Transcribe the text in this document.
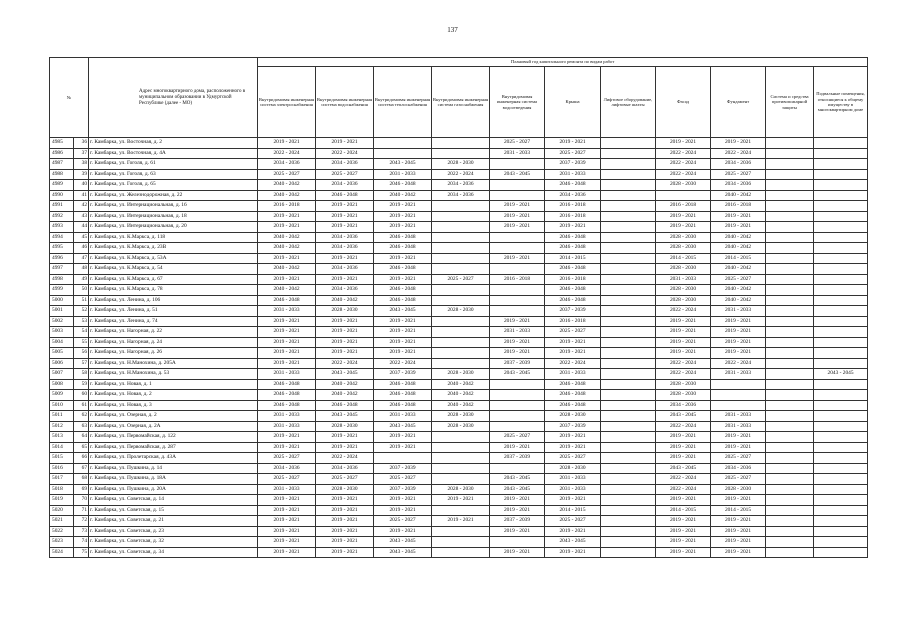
137
№		Адрес многоквартирного дома, расположенного в муниципальном образовании в Удмуртской Республике (далее - МО)	Плановый год капитального ремонта по видам работ										
			Внутридомовая инженерная система электроснабжения	Внутридомовая инженерная система водоснабжения	Внутридомовая инженерная система теплоснабжения	Внутридомовая инженерная система газоснабжения	Внутридомовая инженерная система водоотведения	Крыша	Лифтовое оборудование, лифтовые шахты	Фасад	Фундамент	Система и средства противопожарной защиты	Подвальные помещения, относящиеся к общему имуществу в многоквартирном доме
4985	36	г. Камбарка, ул. Восточная, д. 2	2019 - 2021	2019 - 2021			2025 - 2027	2019 - 2021		2019 - 2021	2019 - 2021		
4986	37	г. Камбарка, ул. Восточная, д. 4А	2022 - 2024	2022 - 2024			2031 - 2033	2025 - 2027		2022 - 2024	2022 - 2024		
4987	38	г. Камбарка, ул. Гоголя, д. 61	2034 - 2036	2034 - 2036	2043 - 2045	2028 - 2030		2037 - 2039		2022 - 2024	2034 - 2036		
4988	39	г. Камбарка, ул. Гоголя, д. 63	2025 - 2027	2025 - 2027	2031 - 2033	2022 - 2024	2043 - 2045	2031 - 2033		2022 - 2024	2025 - 2027		
4989	40	г. Камбарка, ул. Гоголя, д. 65	2040 - 2042	2034 - 2036	2046 - 2048	2034 - 2036		2046 - 2048		2028 - 2030	2034 - 2036		
4990	41	г. Камбарка, ул. Железнодорожная, д. 22	2040 - 2042	2046 - 2048	2040 - 2042	2034 - 2036		2034 - 2036			2040 - 2042		
4991	42	г. Камбарка, ул. Интернациональная, д. 16	2016 - 2018	2019 - 2021	2019 - 2021		2019 - 2021	2016 - 2018		2016 - 2018	2016 - 2018		
4992	43	г. Камбарка, ул. Интернациональная, д. 18	2019 - 2021	2019 - 2021	2019 - 2021		2019 - 2021	2016 - 2018		2019 - 2021	2019 - 2021		
4993	44	г. Камбарка, ул. Интернациональная, д. 20	2019 - 2021	2019 - 2021	2019 - 2021		2019 - 2021	2019 - 2021		2019 - 2021	2019 - 2021		
4994	45	г. Камбарка, ул. К.Маркса, д. 118	2040 - 2042	2034 - 2036	2046 - 2048			2046 - 2048		2028 - 2030	2040 - 2042		
4995	46	г. Камбарка, ул. К.Маркса, д. 23В	2040 - 2042	2034 - 2036	2046 - 2048			2046 - 2048		2028 - 2030	2040 - 2042		
4996	47	г. Камбарка, ул. К.Маркса, д. 53А	2019 - 2021	2019 - 2021	2019 - 2021		2019 - 2021	2014 - 2015		2014 - 2015	2014 - 2015		
4997	48	г. Камбарка, ул. К.Маркса, д. 54	2040 - 2042	2034 - 2036	2046 - 2048			2046 - 2048		2028 - 2030	2040 - 2042		
4998	49	г. Камбарка, ул. К.Маркса, д. 67	2019 - 2021	2019 - 2021	2019 - 2021	2025 - 2027	2016 - 2018	2016 - 2018		2031 - 2033	2025 - 2027		
4999	50	г. Камбарка, ул. К.Маркса, д. 78	2040 - 2042	2034 - 2036	2046 - 2048			2046 - 2048		2028 - 2030	2040 - 2042		
5000	51	г. Камбарка, ул. Ленина, д. 106	2046 - 2048	2040 - 2042	2046 - 2048			2046 - 2048		2028 - 2030	2040 - 2042		
5001	52	г. Камбарка, ул. Ленина, д. 51	2031 - 2033	2028 - 2030	2043 - 2045	2028 - 2030		2037 - 2039		2022 - 2024	2031 - 2033		
5002	53	г. Камбарка, ул. Ленина, д. 74	2019 - 2021	2019 - 2021	2019 - 2021		2019 - 2021	2016 - 2018		2019 - 2021	2019 - 2021		
5003	54	г. Камбарка, ул. Нагорная, д. 22	2019 - 2021	2019 - 2021	2019 - 2021		2031 - 2033	2025 - 2027		2019 - 2021	2019 - 2021		
5004	55	г. Камбарка, ул. Нагорная, д. 24	2019 - 2021	2019 - 2021	2019 - 2021		2019 - 2021	2019 - 2021		2019 - 2021	2019 - 2021		
5005	56	г. Камбарка, ул. Нагорная, д. 26	2019 - 2021	2019 - 2021	2019 - 2021		2019 - 2021	2019 - 2021		2019 - 2021	2019 - 2021		
5006	57	г. Камбарка, ул. Н.Манохина, д. 205А	2019 - 2021	2022 - 2024	2022 - 2024		2037 - 2039	2022 - 2024		2022 - 2024	2022 - 2024		
5007	58	г. Камбарка, ул. Н.Манохина, д. 53	2031 - 2033	2043 - 2045	2037 - 2039	2028 - 2030	2043 - 2045	2031 - 2033		2022 - 2024	2031 - 2033		2043 - 2045
5008	59	г. Камбарка, ул. Новая, д. 1	2046 - 2048	2040 - 2042	2046 - 2048	2040 - 2042		2046 - 2048		2028 - 2030			
5009	60	г. Камбарка, ул. Новая, д. 2	2046 - 2048	2040 - 2042	2046 - 2048	2040 - 2042		2046 - 2048		2028 - 2030			
5010	61	г. Камбарка, ул. Новая, д. 3	2046 - 2048	2046 - 2048	2046 - 2048	2040 - 2042		2046 - 2048		2034 - 2036			
5011	62	г. Камбарка, ул. Озерная, д. 2	2031 - 2033	2043 - 2045	2031 - 2033	2028 - 2030		2028 - 2030		2043 - 2045	2031 - 2033		
5012	63	г. Камбарка, ул. Озерная, д. 2А	2031 - 2033	2028 - 2030	2043 - 2045	2028 - 2030		2037 - 2039		2022 - 2024	2031 - 2033		
5013	64	г. Камбарка, ул. Первомайская, д. 122	2019 - 2021	2019 - 2021	2019 - 2021		2025 - 2027	2019 - 2021		2019 - 2021	2019 - 2021		
5014	65	г. Камбарка, ул. Первомайская, д. 287	2019 - 2021	2019 - 2021	2019 - 2021		2019 - 2021	2019 - 2021		2019 - 2021	2019 - 2021		
5015	66	г. Камбарка, ул. Пролетарская, д. 43А	2025 - 2027	2022 - 2024			2037 - 2039	2025 - 2027		2019 - 2021	2025 - 2027		
5016	67	г. Камбарка, ул. Пушкина, д. 14	2034 - 2036	2034 - 2036	2037 - 2039			2028 - 2030		2043 - 2045	2034 - 2036		
5017	68	г. Камбарка, ул. Пушкина, д. 18А	2025 - 2027	2025 - 2027	2025 - 2027		2043 - 2045	2031 - 2033		2022 - 2024	2025 - 2027		
5018	69	г. Камбарка, ул. Пушкина, д. 20А	2031 - 2033	2028 - 2030	2037 - 2039	2028 - 2030	2043 - 2045	2031 - 2033		2022 - 2024	2028 - 2030		
5019	70	г. Камбарка, ул. Советская, д. 14	2019 - 2021	2019 - 2021	2019 - 2021	2019 - 2021	2019 - 2021	2019 - 2021		2019 - 2021	2019 - 2021		
5020	71	г. Камбарка, ул. Советская, д. 15	2019 - 2021	2019 - 2021	2019 - 2021		2019 - 2021	2014 - 2015		2014 - 2015	2014 - 2015		
5021	72	г. Камбарка, ул. Советская, д. 21	2019 - 2021	2019 - 2021	2025 - 2027	2019 - 2021	2037 - 2039	2025 - 2027		2019 - 2021	2019 - 2021		
5022	73	г. Камбарка, ул. Советская, д. 23	2019 - 2021	2019 - 2021	2019 - 2021		2019 - 2021	2019 - 2021		2019 - 2021	2019 - 2021		
5023	74	г. Камбарка, ул. Советская, д. 32	2019 - 2021	2019 - 2021	2043 - 2045			2043 - 2045		2019 - 2021	2019 - 2021		
5024	75	г. Камбарка, ул. Советская, д. 34	2019 - 2021	2019 - 2021	2043 - 2045		2019 - 2021	2019 - 2021		2019 - 2021	2019 - 2021		
